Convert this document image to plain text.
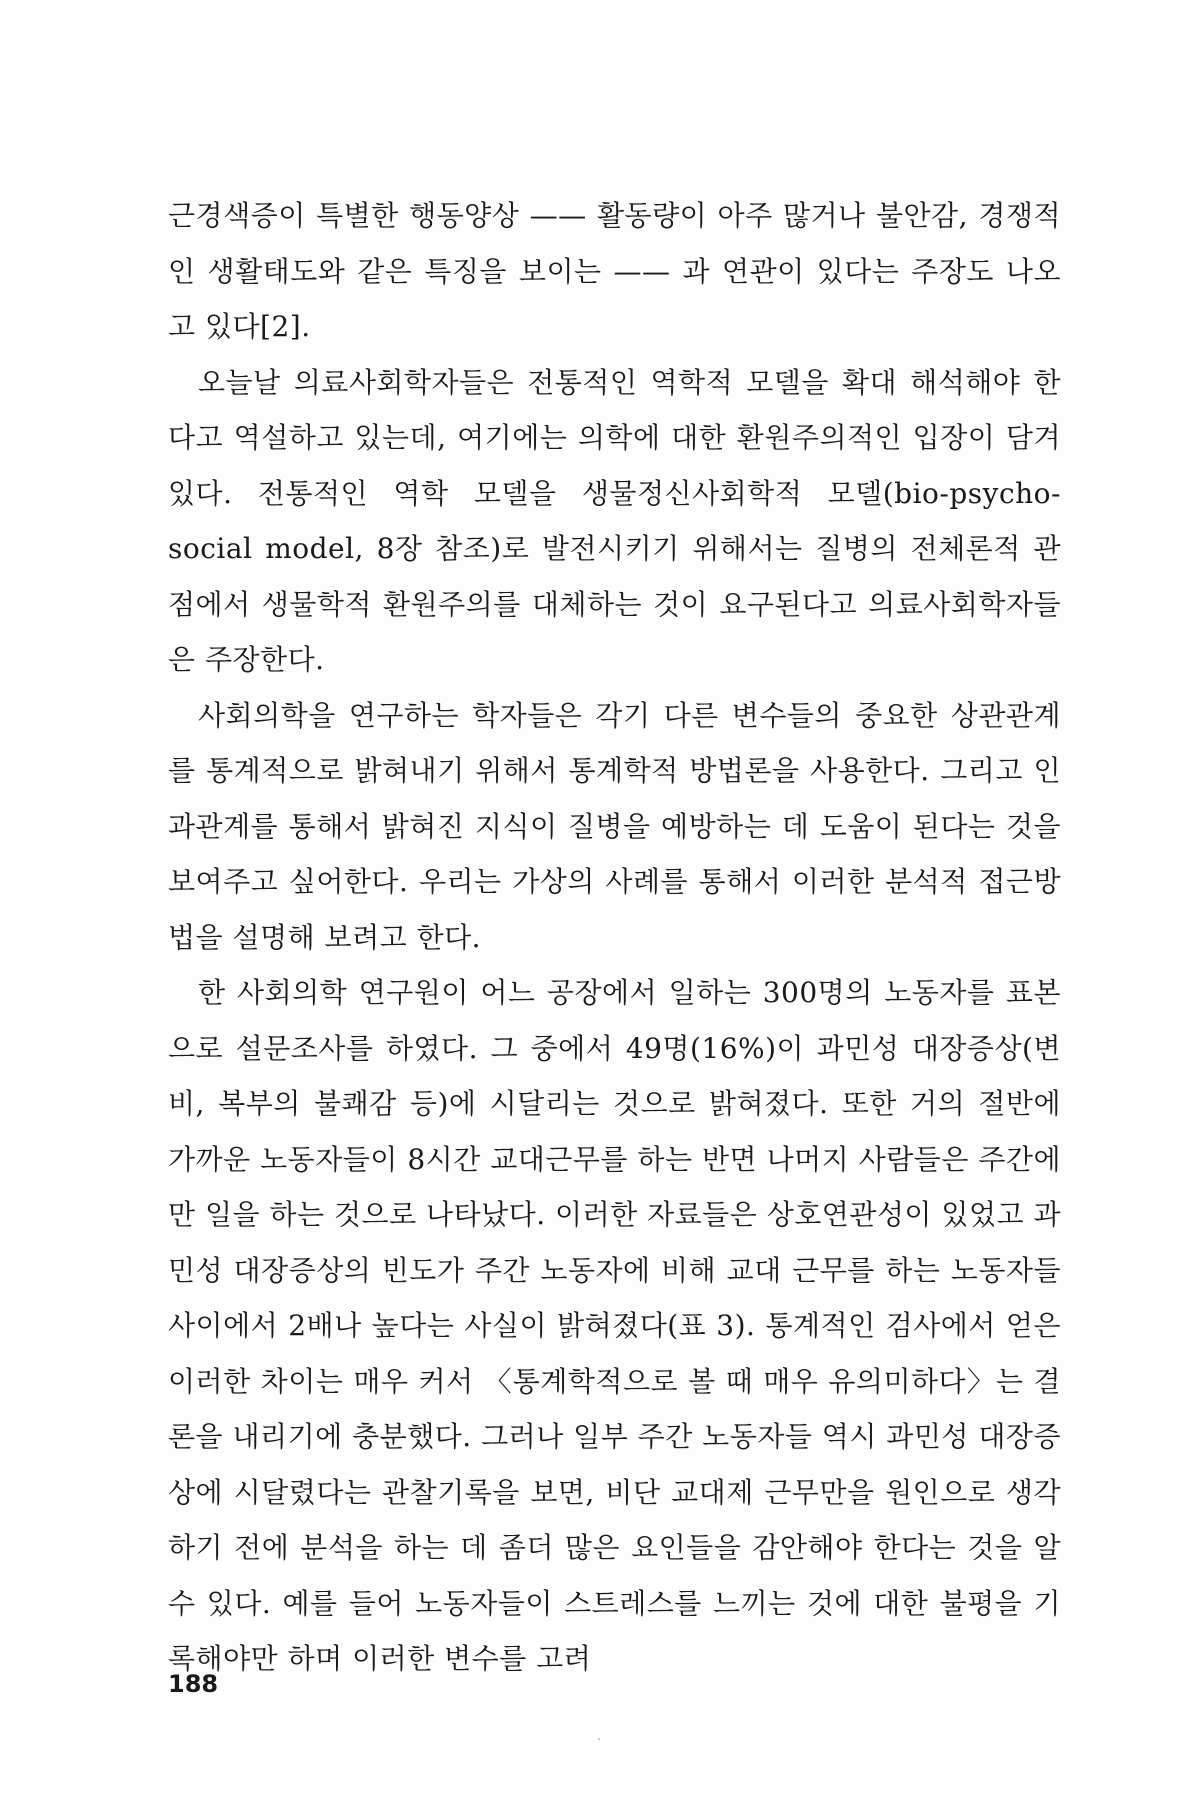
근경색증이 특별한 행동양상 —— 활동량이 아주 많거나 불안감, 경쟁적인 생활태도와 같은 특징을 보이는 —— 과 연관이 있다는 주장도 나오고 있다[2].

오늘날 의료사회학자들은 전통적인 역학적 모델을 확대 해석해야 한다고 역설하고 있는데, 여기에는 의학에 대한 환원주의적인 입장이 담겨 있다. 전통적인 역학 모델을 생물정신사회학적 모델(bio-psycho-social model, 8장 참조)로 발전시키기 위해서는 질병의 전체론적 관점에서 생물학적 환원주의를 대체하는 것이 요구된다고 의료사회학자들은 주장한다.

사회의학을 연구하는 학자들은 각기 다른 변수들의 중요한 상관관계를 통계적으로 밝혀내기 위해서 통계학적 방법론을 사용한다. 그리고 인과관계를 통해서 밝혀진 지식이 질병을 예방하는 데 도움이 된다는 것을 보여주고 싶어한다. 우리는 가상의 사례를 통해서 이러한 분석적 접근방법을 설명해 보려고 한다.

한 사회의학 연구원이 어느 공장에서 일하는 300명의 노동자를 표본으로 설문조사를 하였다. 그 중에서 49명(16%)이 과민성 대장증상(변비, 복부의 불쾌감 등)에 시달리는 것으로 밝혀졌다. 또한 거의 절반에 가까운 노동자들이 8시간 교대근무를 하는 반면 나머지 사람들은 주간에만 일을 하는 것으로 나타났다. 이러한 자료들은 상호연관성이 있었고 과민성 대장증상의 빈도가 주간 노동자에 비해 교대 근무를 하는 노동자들 사이에서 2배나 높다는 사실이 밝혀졌다(표 3). 통계적인 검사에서 얻은 이러한 차이는 매우 커서 〈통계학적으로 볼 때 매우 유의미하다〉는 결론을 내리기에 충분했다. 그러나 일부 주간 노동자들 역시 과민성 대장증상에 시달렸다는 관찰기록을 보면, 비단 교대제 근무만을 원인으로 생각하기 전에 분석을 하는 데 좀더 많은 요인들을 감안해야 한다는 것을 알 수 있다. 예를 들어 노동자들이 스트레스를 느끼는 것에 대한 불평을 기록해야만 하며 이러한 변수를 고려

188
